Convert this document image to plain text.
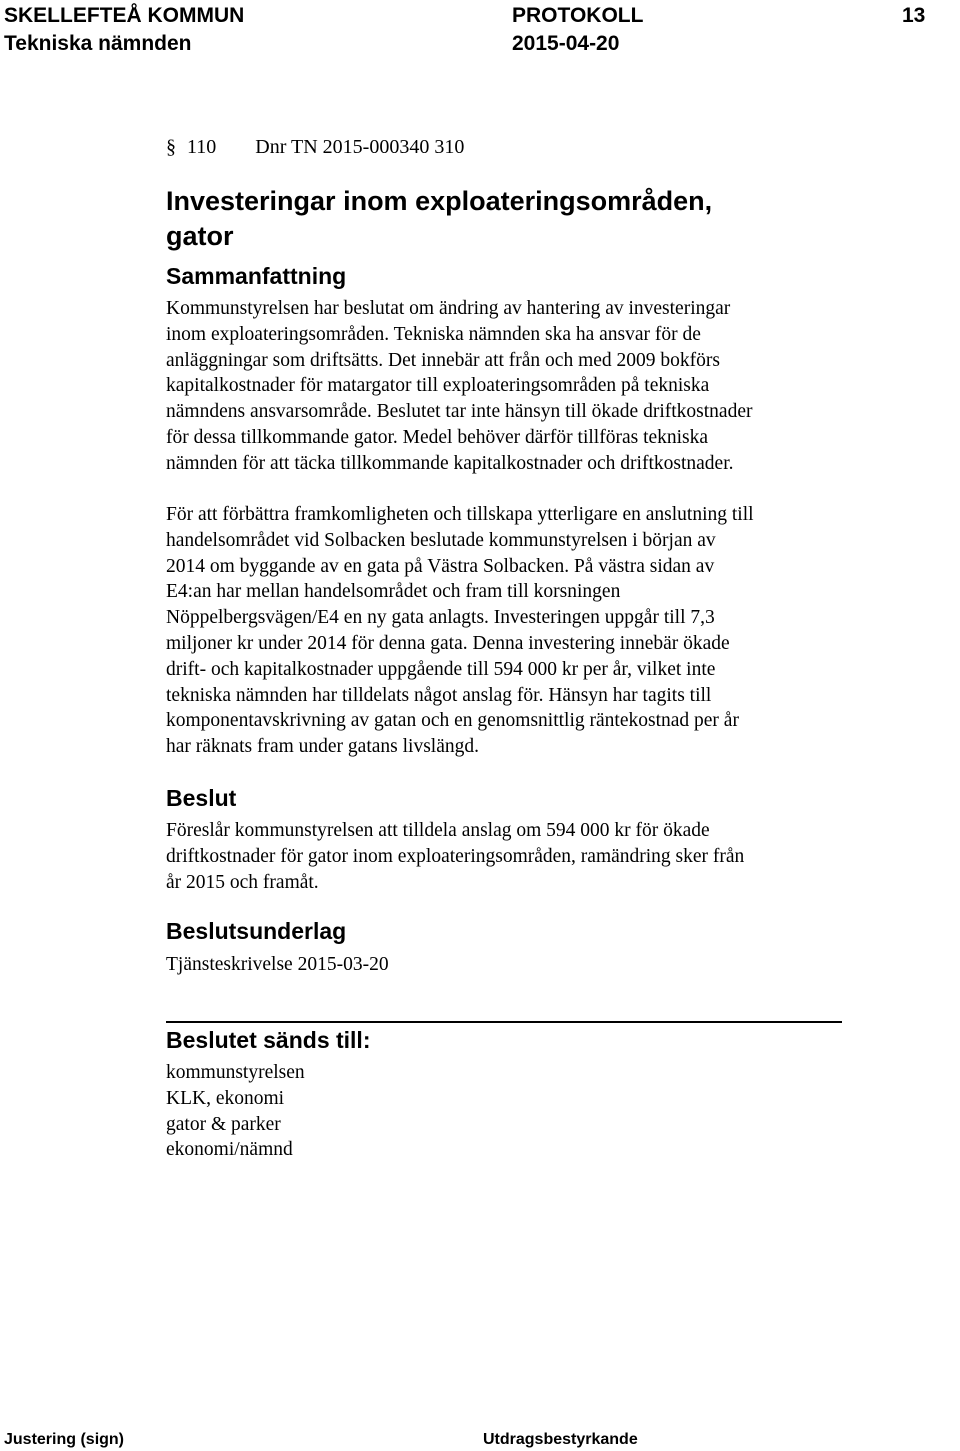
SKELLEFTEÅ KOMMUN	PROTOKOLL	13
Tekniska nämnden	2015-04-20
§ 110 Dnr TN 2015-000340 310
Investeringar inom exploateringsområden,
gator
Sammanfattning

Kommunstyrelsen har beslutat om ändring av hantering av investeringar
inom exploateringsområden. Tekniska nämnden ska ha ansvar för de
anläggningar som driftsätts. Det innebär att från och med 2009 bokförs
kapitalkostnader för matargator till exploateringsområden på tekniska
nämndens ansvarsområde. Beslutet tar inte hänsyn till ökade driftkostnader
för dessa tillkommande gator. Medel behöver därför tillföras tekniska
nämnden för att täcka tillkommande kapitalkostnader och driftkostnader.

För att förbättra framkomligheten och tillskapa ytterligare en anslutning till
handelsområdet vid Solbacken beslutade kommunstyrelsen i början av
2014 om byggande av en gata på Västra Solbacken. På västra sidan av
E4:an har mellan handelsområdet och fram till korsningen
Nöppelbergsvägen/E4 en ny gata anlagts. Investeringen uppgår till 7,3
miljoner kr under 2014 för denna gata. Denna investering innebär ökade
drift- och kapitalkostnader uppgående till 594 000 kr per år, vilket inte
tekniska nämnden har tilldelats något anslag för. Hänsyn har tagits till
komponentavskrivning av gatan och en genomsnittlig räntekostnad per år
har räknats fram under gatans livslängd.

Beslut

Föreslår kommunstyrelsen att tilldela anslag om 594 000 kr för ökade
driftkostnader för gator inom exploateringsområden, ramändring sker från
år 2015 och framåt.

Beslutsunderlag

Tjänsteskrivelse 2015-03-20

Beslutet sänds till:

kommunstyrelsen
KLK, ekonomi
gator & parker
ekonomi/nämnd

Justering (sign)	Utdragsbestyrkande
